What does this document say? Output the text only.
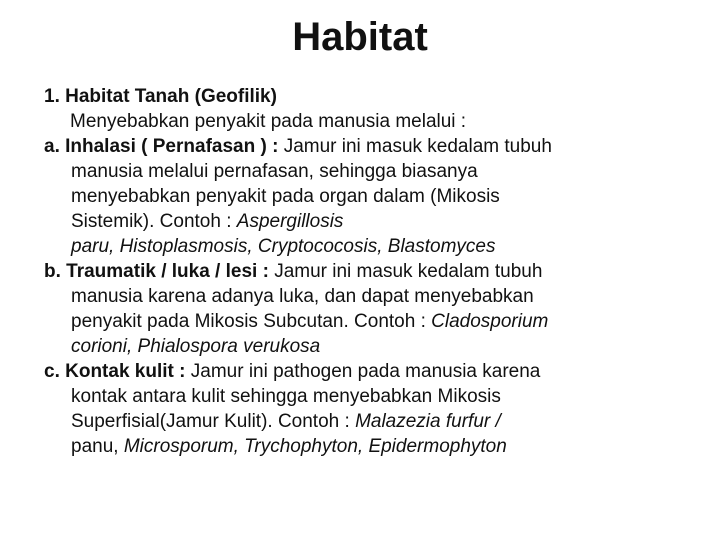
Habitat
1. Habitat Tanah (Geofilik)
Menyebabkan penyakit pada manusia melalui :
a. Inhalasi ( Pernafasan ) : Jamur ini masuk kedalam tubuh
manusia melalui pernafasan, sehingga biasanya
menyebabkan penyakit pada organ dalam (Mikosis
Sistemik). Contoh : Aspergillosis
paru, Histoplasmosis, Cryptococosis, Blastomyces
b. Traumatik / luka / lesi : Jamur ini masuk kedalam tubuh
manusia karena adanya luka, dan dapat menyebabkan
penyakit pada Mikosis Subcutan. Contoh : Cladosporium
corioni, Phialospora verukosa
c. Kontak kulit : Jamur ini pathogen pada manusia karena
kontak antara kulit sehingga menyebabkan Mikosis
Superfisial(Jamur Kulit). Contoh : Malazezia furfur /
panu, Microsporum, Trychophyton, Epidermophyton
